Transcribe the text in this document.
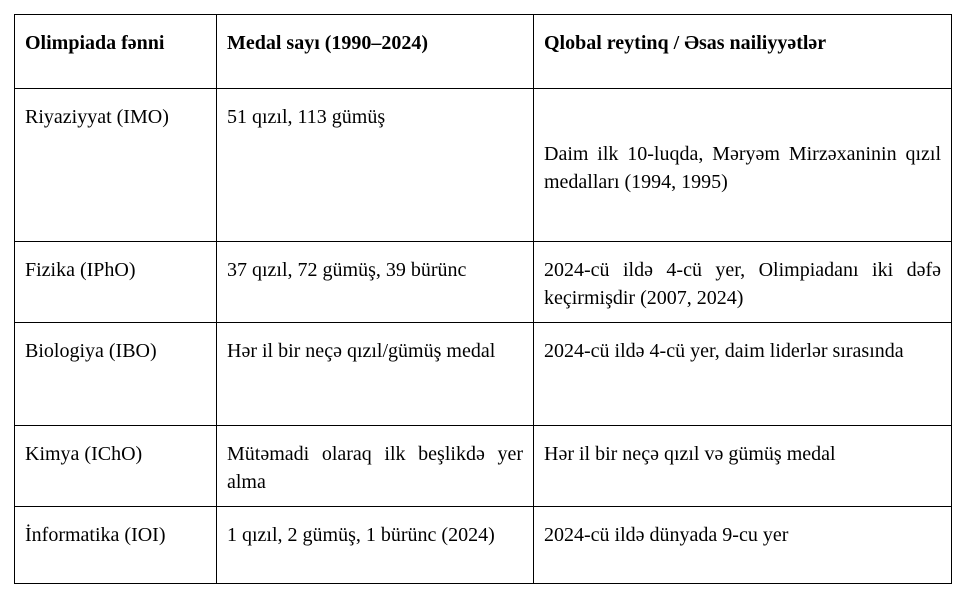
Olimpiada fənni	Medal sayı (1990–2024)	Qlobal reytinq / Əsas nailiyyətlər
Riyaziyyat (IMO)	51 qızıl, 113 gümüş	Daim ilk 10-luqda, Məryəm Mirzəxaninin qızıl medalları (1994, 1995)

Fizika (IPhO)	37 qızıl, 72 gümüş, 39 bürünc	2024-cü ildə 4-cü yer, Olimpiadanı iki dəfə keçirmişdir (2007, 2024)
Biologiya (IBO)	Hər il bir neçə qızıl/gümüş medal	2024-cü ildə 4-cü yer, daim liderlər sırasında
Kimya (IChO)	Mütəmadi olaraq ilk beşlikdə yer alma	Hər il bir neçə qızıl və gümüş medal
İnformatika (IOI)	1 qızıl, 2 gümüş, 1 bürünc (2024)	2024-cü ildə dünyada 9-cu yer
